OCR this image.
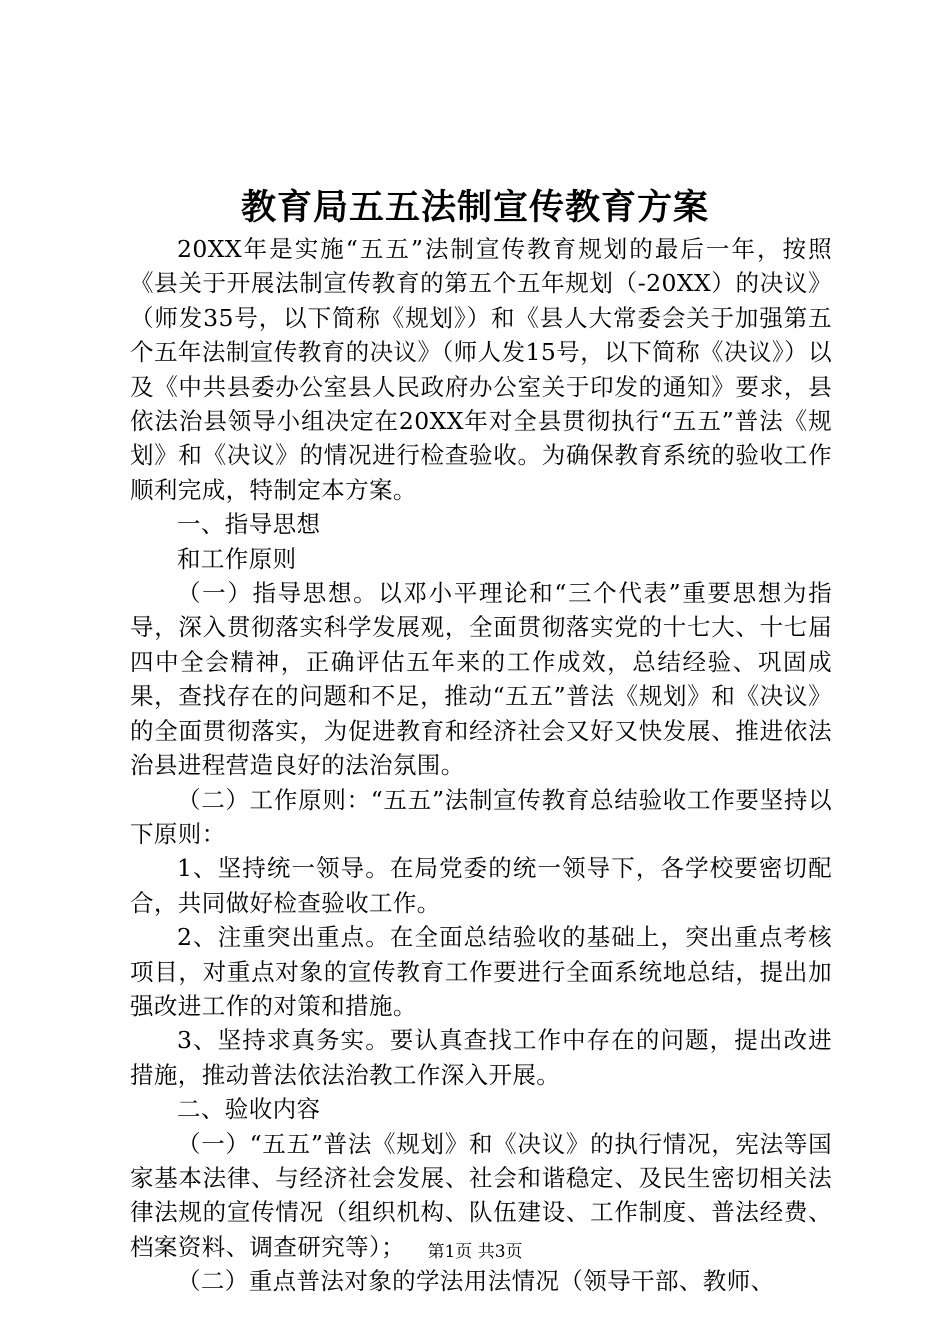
教育局五五法制宣传教育方案

20XX年是实施“五五”法制宣传教育规划的最后一年，按照《县关于开展法制宣传教育的第五个五年规划（-20XX）的决议》（师发35号，以下简称《规划》）和《县人大常委会关于加强第五个五年法制宣传教育的决议》（师人发15号，以下简称《决议》）以及《中共县委办公室县人民政府办公室关于印发的通知》要求，县依法治县领导小组决定在20XX年对全县贯彻执行“五五”普法《规划》和《决议》的情况进行检查验收。为确保教育系统的验收工作顺利完成，特制定本方案。

一、指导思想

和工作原则

（一）指导思想。以邓小平理论和“三个代表”重要思想为指导，深入贯彻落实科学发展观，全面贯彻落实党的十七大、十七届四中全会精神，正确评估五年来的工作成效，总结经验、巩固成果，查找存在的问题和不足，推动“五五”普法《规划》和《决议》的全面贯彻落实，为促进教育和经济社会又好又快发展、推进依法治县进程营造良好的法治氛围。

（二）工作原则：“五五”法制宣传教育总结验收工作要坚持以下原则：

1、坚持统一领导。在局党委的统一领导下，各学校要密切配合，共同做好检查验收工作。

2、注重突出重点。在全面总结验收的基础上，突出重点考核项目，对重点对象的宣传教育工作要进行全面系统地总结，提出加强改进工作的对策和措施。

3、坚持求真务实。要认真查找工作中存在的问题，提出改进措施，推动普法依法治教工作深入开展。

二、验收内容

（一）“五五”普法《规划》和《决议》的执行情况，宪法等国家基本法律、与经济社会发展、社会和谐稳定、及民生密切相关法律法规的宣传情况（组织机构、队伍建设、工作制度、普法经费、档案资料、调查研究等）；

（二）重点普法对象的学法用法情况（领导干部、教师、

第1页 共3页
